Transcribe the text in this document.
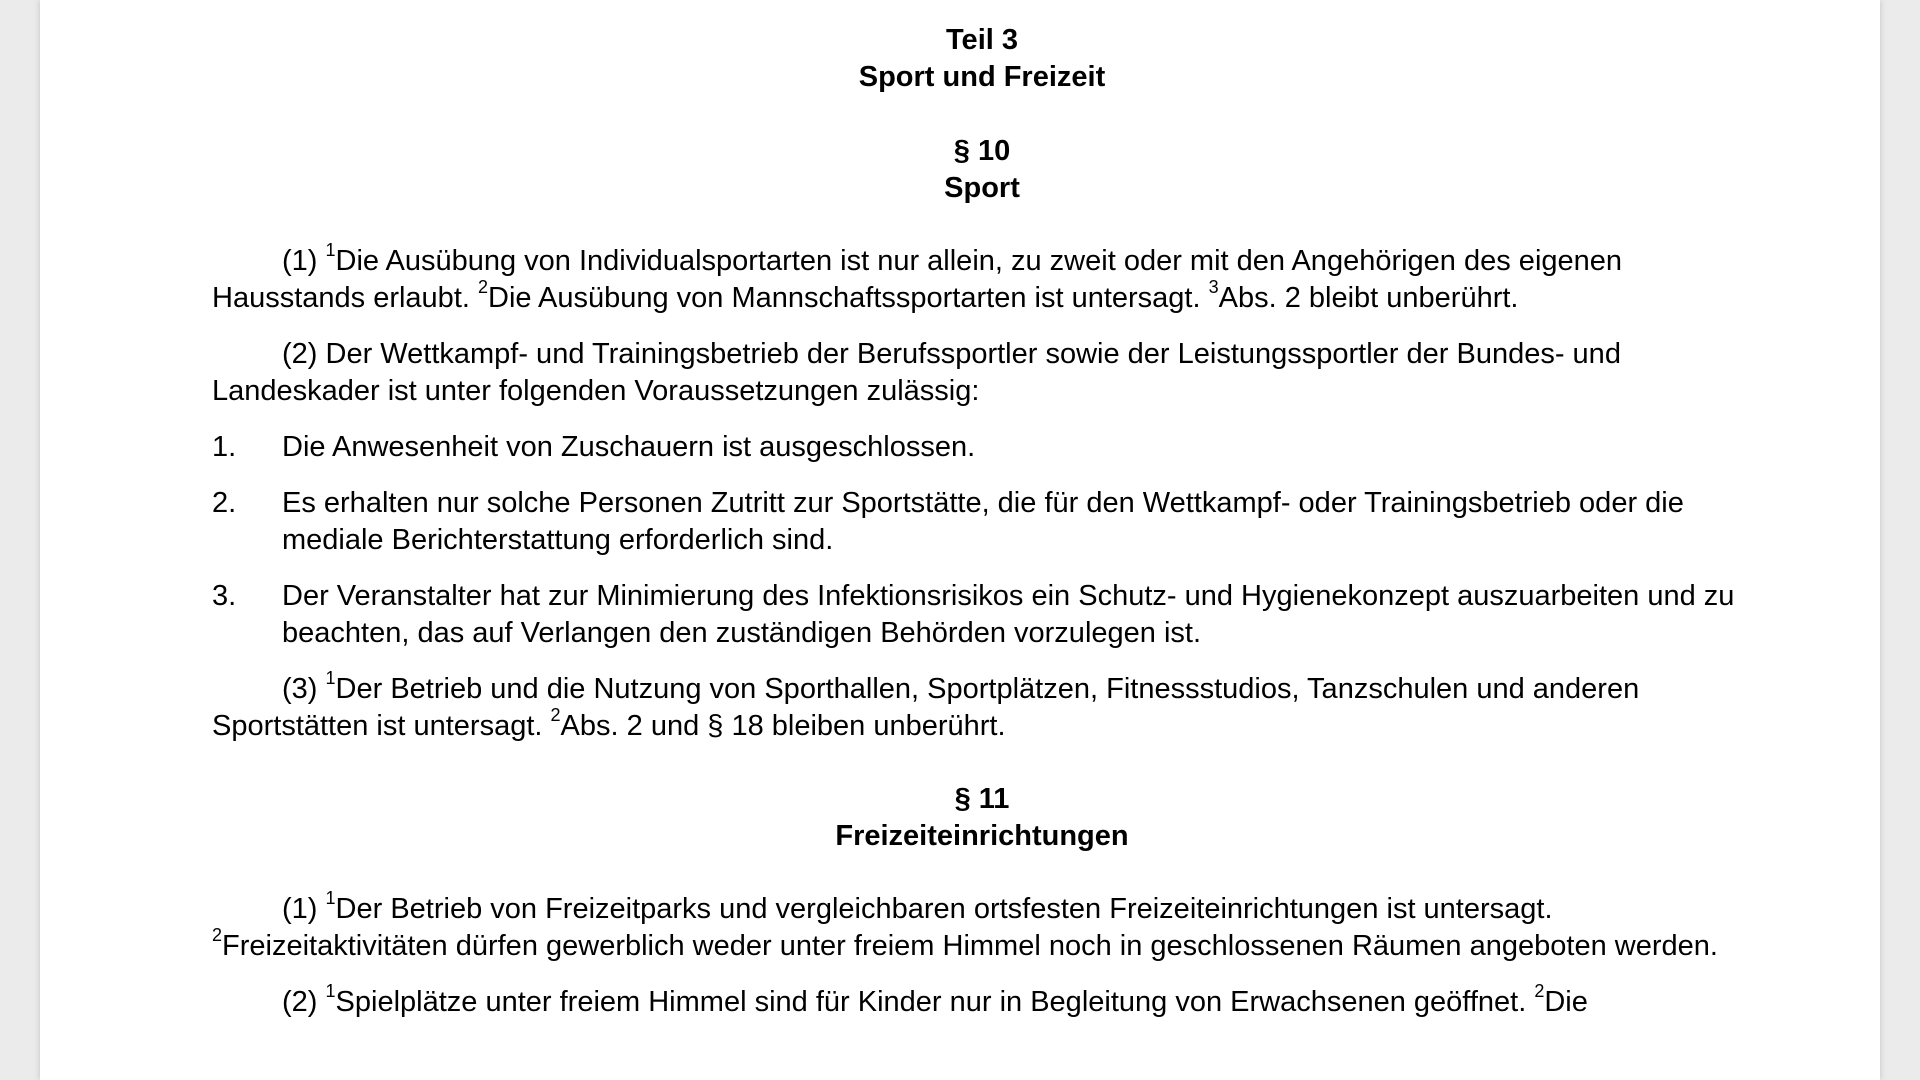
Teil 3
Sport und Freizeit
§ 10
Sport

(1) $^1$Die Ausübung von Individualsportarten ist nur allein, zu zweit oder mit den Angehörigen des eigenen Hausstands erlaubt. $^2$Die Ausübung von Mannschaftssportarten ist untersagt. $^3$Abs. 2 bleibt unberührt.

(2) Der Wettkampf- und Trainingsbetrieb der Berufssportler sowie der Leistungssportler der Bundes- und Landeskader ist unter folgenden Voraussetzungen zulässig:

1.	Die Anwesenheit von Zuschauern ist ausgeschlossen.
2.	Es erhalten nur solche Personen Zutritt zur Sportstätte, die für den Wettkampf- oder Trainingsbetrieb oder die mediale Berichterstattung erforderlich sind.
3.	Der Veranstalter hat zur Minimierung des Infektionsrisikos ein Schutz- und Hygienekonzept auszuarbeiten und zu beachten, das auf Verlangen den zuständigen Behörden vorzulegen ist.

(3) $^1$Der Betrieb und die Nutzung von Sporthallen, Sportplätzen, Fitnessstudios, Tanzschulen und anderen Sportstätten ist untersagt. $^2$Abs. 2 und § 18 bleiben unberührt.

§ 11
Freizeiteinrichtungen

(1) $^1$Der Betrieb von Freizeitparks und vergleichbaren ortsfesten Freizeiteinrichtungen ist untersagt. $^2$Freizeitaktivitäten dürfen gewerblich weder unter freiem Himmel noch in geschlossenen Räumen angeboten werden.

(2) $^1$Spielplätze unter freiem Himmel sind für Kinder nur in Begleitung von Erwachsenen geöffnet. $^2$Die
